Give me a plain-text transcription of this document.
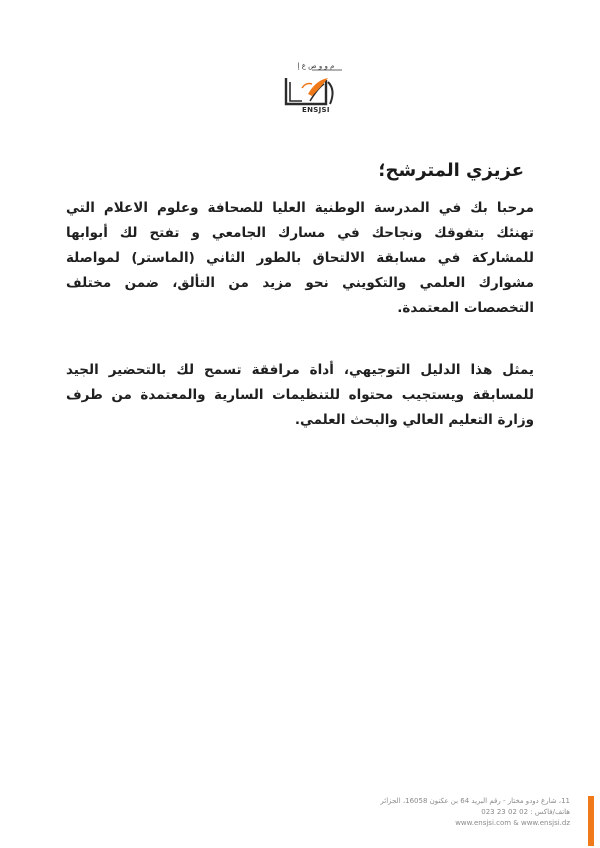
م و و ص ع إ
ENSJSI
عزيزي المترشح؛

مرحبا بك في المدرسة الوطنية العليا للصحافة وعلوم الاعلام التي تهنئك بتفوقك ونجاحك في مسارك الجامعي و تفتح لك أبوابها للمشاركة في مسابقة الالتحاق بالطور الثاني (الماستر) لمواصلة مشوارك العلمي والتكويني نحو مزيد من التألق، ضمن مختلف التخصصات المعتمدة.

يمثل هذا الدليل التوجيهي، أداة مرافقة تسمح لك بالتحضير الجيد للمسابقة ويستجيب محتواه للتنظيمات السارية والمعتمدة من طرف وزارة التعليم العالي والبحث العلمي.

11، شارع دودو مختار - رقم البريد 64 بن عكنون 16058، الجزائر
هاتف/فاكس : 02 02 23 023
www.ensjsi.com & www.ensjsi.dz
